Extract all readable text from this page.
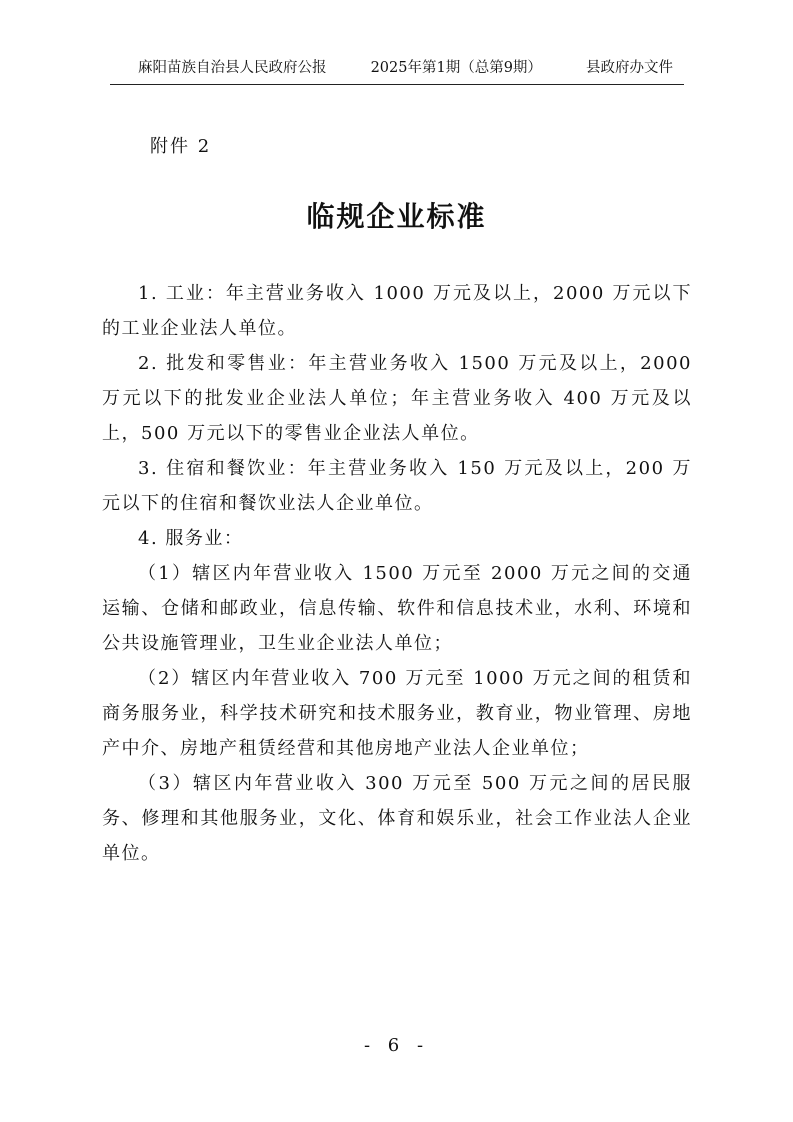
麻阳苗族自治县人民政府公报	2025年第1期（总第9期）	县政府办文件
附件 2
临规企业标准

1. 工业：年主营业务收入 1000 万元及以上，2000 万元以下的工业企业法人单位。

2. 批发和零售业：年主营业务收入 1500 万元及以上，2000 万元以下的批发业企业法人单位；年主营业务收入 400 万元及以上，500 万元以下的零售业企业法人单位。

3. 住宿和餐饮业：年主营业务收入 150 万元及以上，200 万元以下的住宿和餐饮业法人企业单位。

4. 服务业：

（1）辖区内年营业收入 1500 万元至 2000 万元之间的交通运输、仓储和邮政业，信息传输、软件和信息技术业，水利、环境和公共设施管理业，卫生业企业法人单位；

（2）辖区内年营业收入 700 万元至 1000 万元之间的租赁和商务服务业，科学技术研究和技术服务业，教育业，物业管理、房地产中介、房地产租赁经营和其他房地产业法人企业单位；

（3）辖区内年营业收入 300 万元至 500 万元之间的居民服务、修理和其他服务业，文化、体育和娱乐业，社会工作业法人企业单位。

- 6 -
